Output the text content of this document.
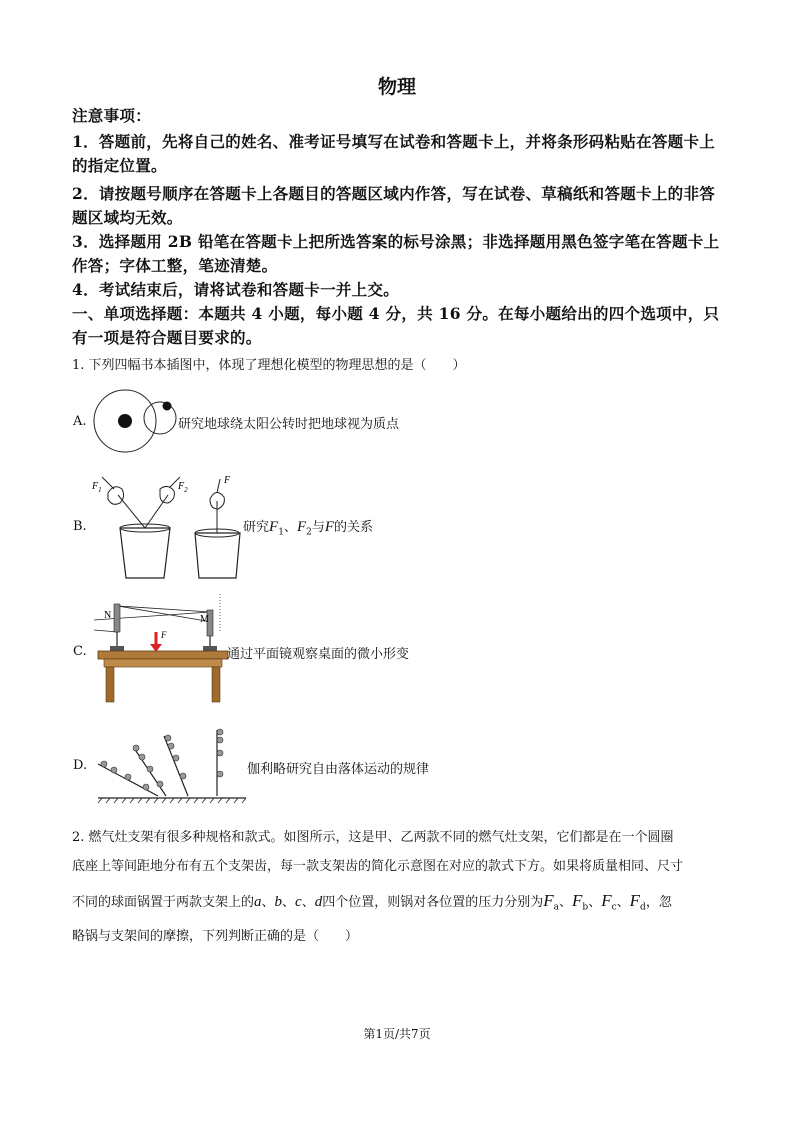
物理
注意事项：
1．答题前，先将自己的姓名、准考证号填写在试卷和答题卡上，并将条形码粘贴在答题卡上的指定位置。
2．请按题号顺序在答题卡上各题目的答题区域内作答，写在试卷、草稿纸和答题卡上的非答题区域均无效。
3．选择题用 2B 铅笔在答题卡上把所选答案的标号涂黑；非选择题用黑色签字笔在答题卡上作答；字体工整，笔迹清楚。
4．考试结束后，请将试卷和答题卡一并上交。
一、单项选择题：本题共 4 小题，每小题 4 分，共 16 分。在每小题给出的四个选项中，只有一项是符合题目要求的。
1. 下列四幅书本插图中，体现了理想化模型的物理思想的是（　　）
A.	研究地球绕太阳公转时把地球视为质点
B.
$F_1$	$F_2$
F
研究$F_1$、$F_2$与F的关系
C.
N	M
F
通过平面镜观察桌面的微小形变
D.	伽利略研究自由落体运动的规律
2. 燃气灶支架有很多种规格和款式。如图所示，这是甲、乙两款不同的燃气灶支架，它们都是在一个圆圈
底座上等间距地分布有五个支架齿，每一款支架齿的简化示意图在对应的款式下方。如果将质量相同、尺寸
不同的球面锅置于两款支架上的a、b、c、d四个位置，则锅对各位置的压力分别为$F_a$、$F_b$、$F_c$、$F_d$，忽
略锅与支架间的摩擦，下列判断正确的是（　　）
第1页/共7页
